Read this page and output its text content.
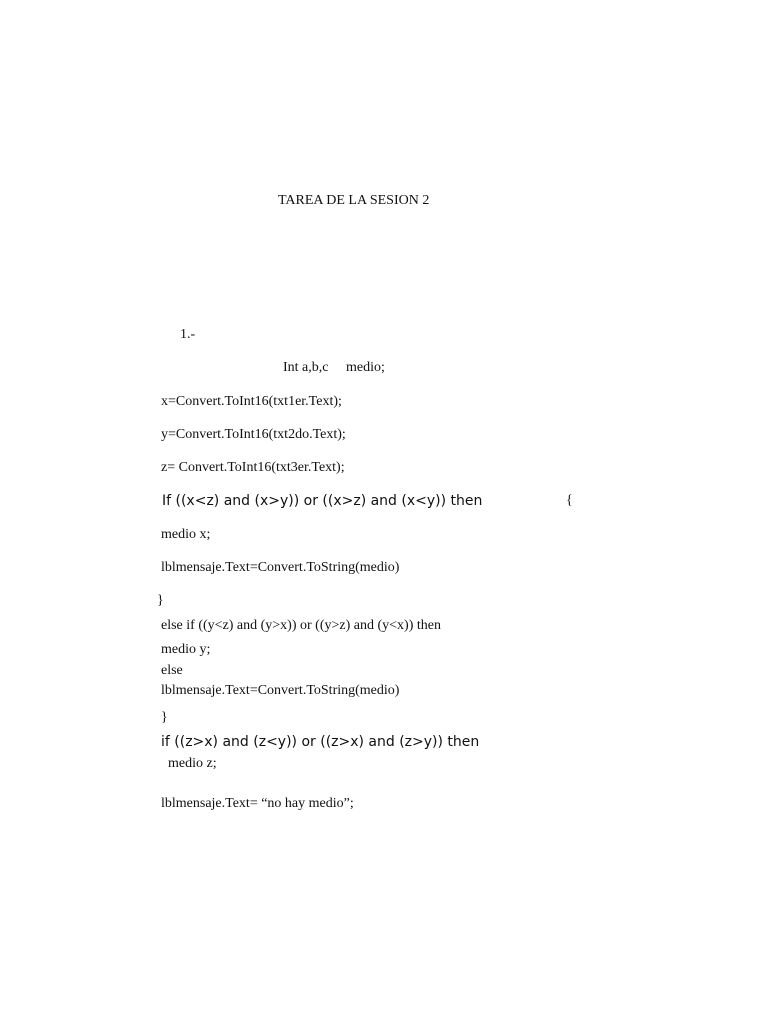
TAREA DE LA SESION 2
1.-
Int a,b,c     medio;
x=Convert.ToInt16(txt1er.Text);
y=Convert.ToInt16(txt2do.Text);
z= Convert.ToInt16(txt3er.Text);
If ((x<z) and (x>y)) or ((x>z) and (x<y)) then	{
medio x;
lblmensaje.Text=Convert.ToString(medio)
}
else if ((y<z) and (y>x)) or ((y>z) and (y<x)) then
medio y;
else
lblmensaje.Text=Convert.ToString(medio)
}
if ((z>x) and (z<y)) or ((z>x) and (z>y)) then
medio z;
lblmensaje.Text= “no hay medio”;
